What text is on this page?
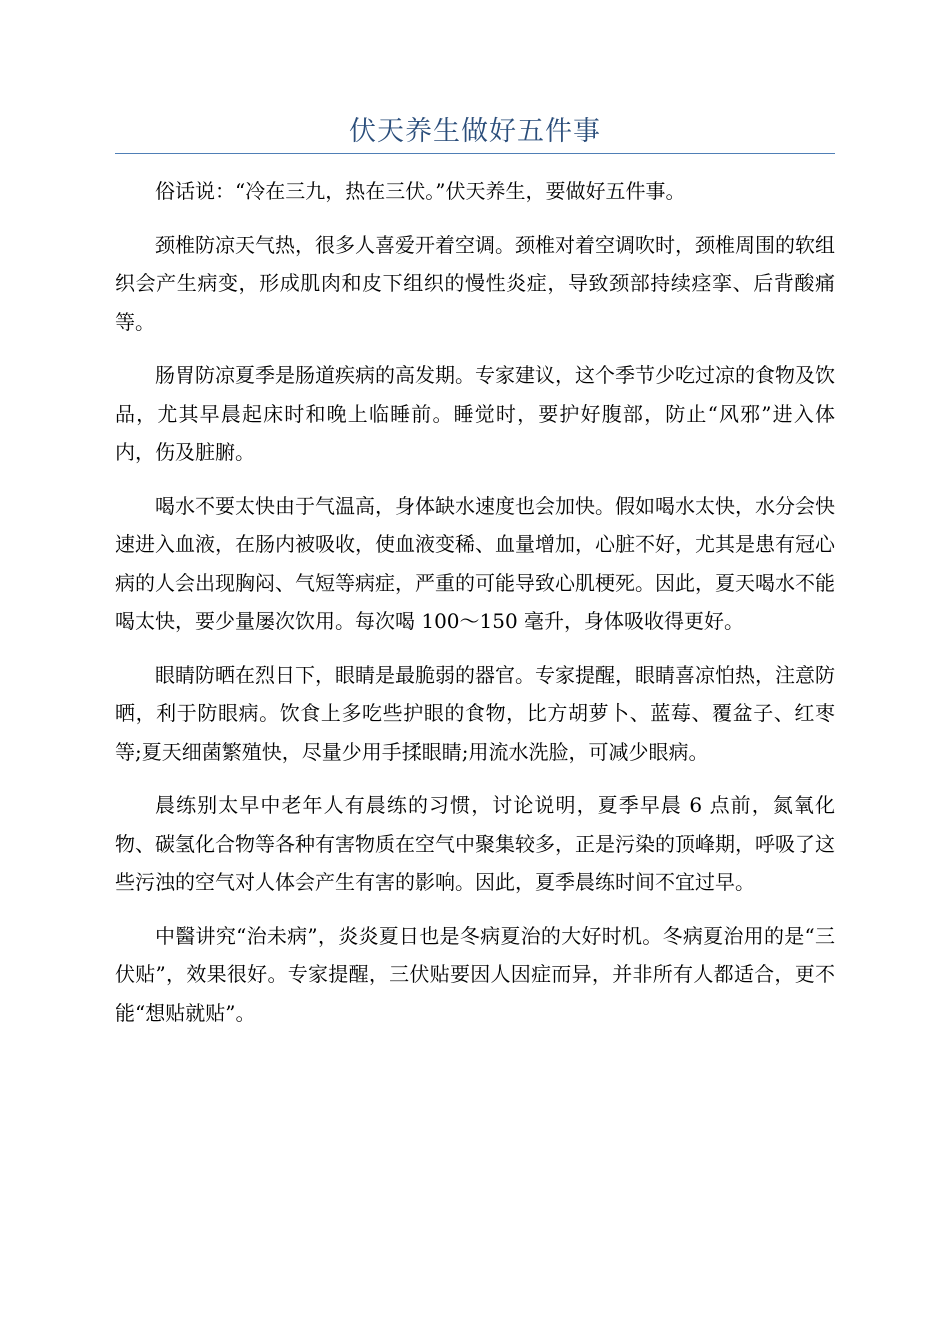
伏天养生做好五件事

俗话说：“冷在三九，热在三伏。”伏天养生，要做好五件事。

颈椎防凉天气热，很多人喜爱开着空调。颈椎对着空调吹时，颈椎周围的软组织会产生病变，形成肌肉和皮下组织的慢性炎症，导致颈部持续痉挛、后背酸痛等。

肠胃防凉夏季是肠道疾病的高发期。专家建议，这个季节少吃过凉的食物及饮品，尤其早晨起床时和晚上临睡前。睡觉时，要护好腹部，防止“风邪”进入体内，伤及脏腑。

喝水不要太快由于气温高，身体缺水速度也会加快。假如喝水太快，水分会快速进入血液，在肠内被吸收，使血液变稀、血量增加，心脏不好，尤其是患有冠心病的人会出现胸闷、气短等病症，严重的可能导致心肌梗死。因此，夏天喝水不能喝太快，要少量屡次饮用。每次喝 100～150 毫升，身体吸收得更好。

眼睛防晒在烈日下，眼睛是最脆弱的器官。专家提醒，眼睛喜凉怕热，注意防晒，利于防眼病。饮食上多吃些护眼的食物，比方胡萝卜、蓝莓、覆盆子、红枣等;夏天细菌繁殖快，尽量少用手揉眼睛;用流水洗脸，可减少眼病。

晨练别太早中老年人有晨练的习惯，讨论说明，夏季早晨 6 点前，氮氧化物、碳氢化合物等各种有害物质在空气中聚集较多，正是污染的顶峰期，呼吸了这些污浊的空气对人体会产生有害的影响。因此，夏季晨练时间不宜过早。

中醫讲究“治未病”，炎炎夏日也是冬病夏治的大好时机。冬病夏治用的是“三伏贴”，效果很好。专家提醒，三伏贴要因人因症而异，并非所有人都适合，更不能“想贴就贴”。
